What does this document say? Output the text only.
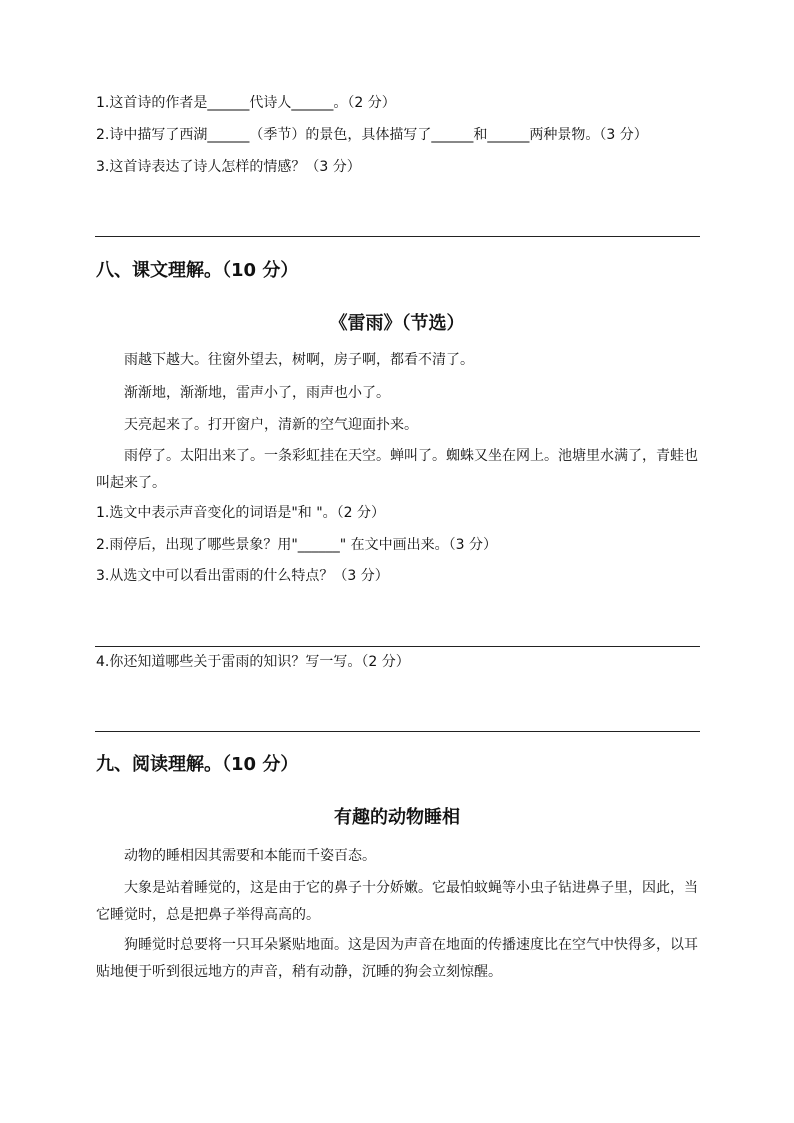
1.这首诗的作者是______代诗人______。（2 分）
2.诗中描写了西湖______（季节）的景色，具体描写了______和______两种景物。（3 分）
3.这首诗表达了诗人怎样的情感？（3 分）
八、课文理解。（10 分）
《雷雨》（节选）
雨越下越大。往窗外望去，树啊，房子啊，都看不清了。
渐渐地，渐渐地，雷声小了，雨声也小了。
天亮起来了。打开窗户，清新的空气迎面扑来。
雨停了。太阳出来了。一条彩虹挂在天空。蝉叫了。蜘蛛又坐在网上。池塘里水满了，青蛙也叫起来了。
1.选文中表示声音变化的词语是"和 "。（2 分）
2.雨停后，出现了哪些景象？用"______" 在文中画出来。（3 分）
3.从选文中可以看出雷雨的什么特点？（3 分）
4.你还知道哪些关于雷雨的知识？写一写。（2 分）
九、阅读理解。（10 分）
有趣的动物睡相
动物的睡相因其需要和本能而千姿百态。
大象是站着睡觉的，这是由于它的鼻子十分娇嫩。它最怕蚊蝇等小虫子钻进鼻子里，因此，当它睡觉时，总是把鼻子举得高高的。
狗睡觉时总要将一只耳朵紧贴地面。这是因为声音在地面的传播速度比在空气中快得多，以耳贴地便于听到很远地方的声音，稍有动静，沉睡的狗会立刻惊醒。
